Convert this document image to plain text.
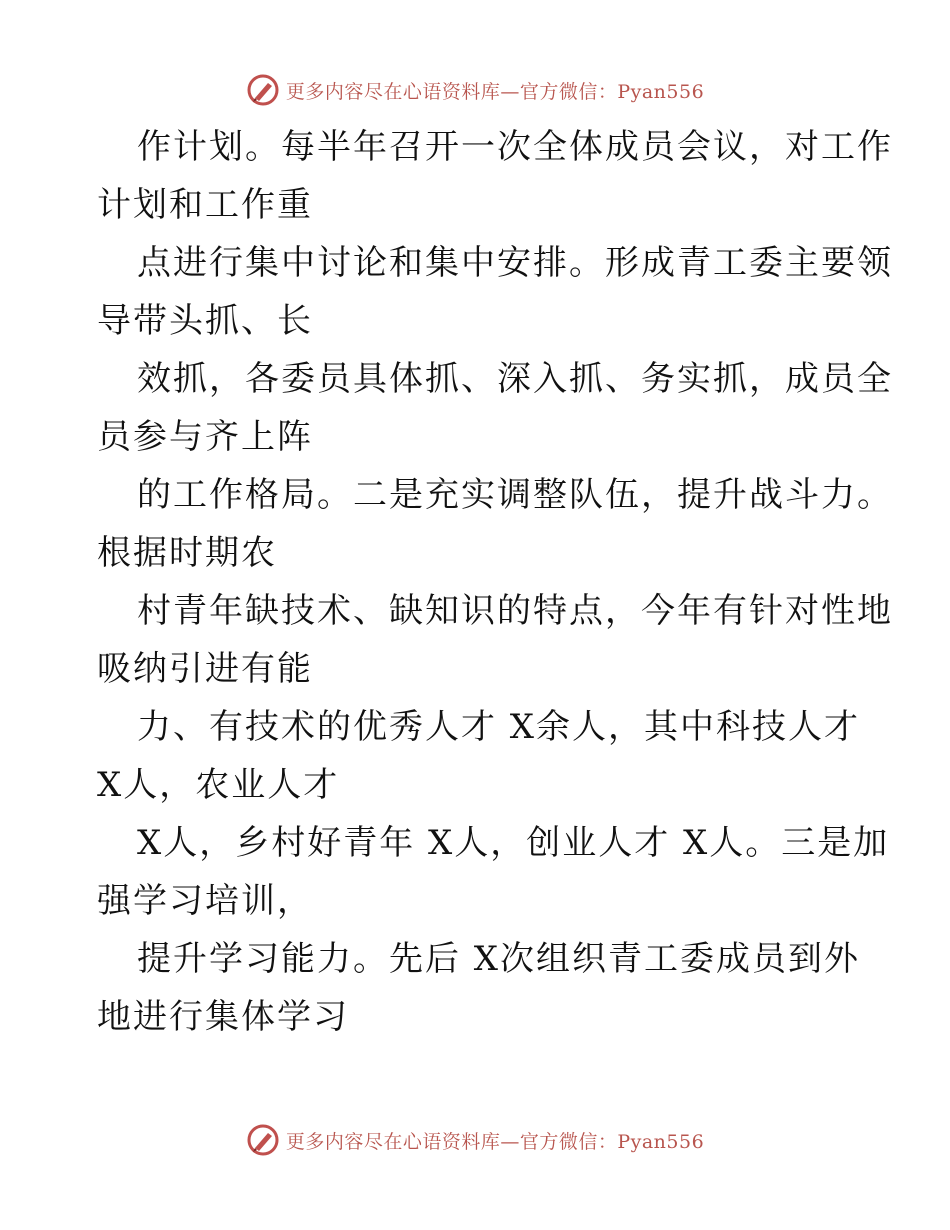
更多内容尽在心语资料库—官方微信：Pyan556
作计划。每半年召开一次全体成员会议，对工作
计划和工作重
点进行集中讨论和集中安排。形成青工委主要领
导带头抓、长
效抓，各委员具体抓、深入抓、务实抓，成员全
员参与齐上阵
的工作格局。二是充实调整队伍，提升战斗力。
根据时期农
村青年缺技术、缺知识的特点，今年有针对性地
吸纳引进有能
力、有技术的优秀人才 X余人，其中科技人才
X人，农业人才
X人，乡村好青年 X人，创业人才 X人。三是加
强学习培训，
提升学习能力。先后 X次组织青工委成员到外
地进行集体学习
更多内容尽在心语资料库—官方微信：Pyan556
